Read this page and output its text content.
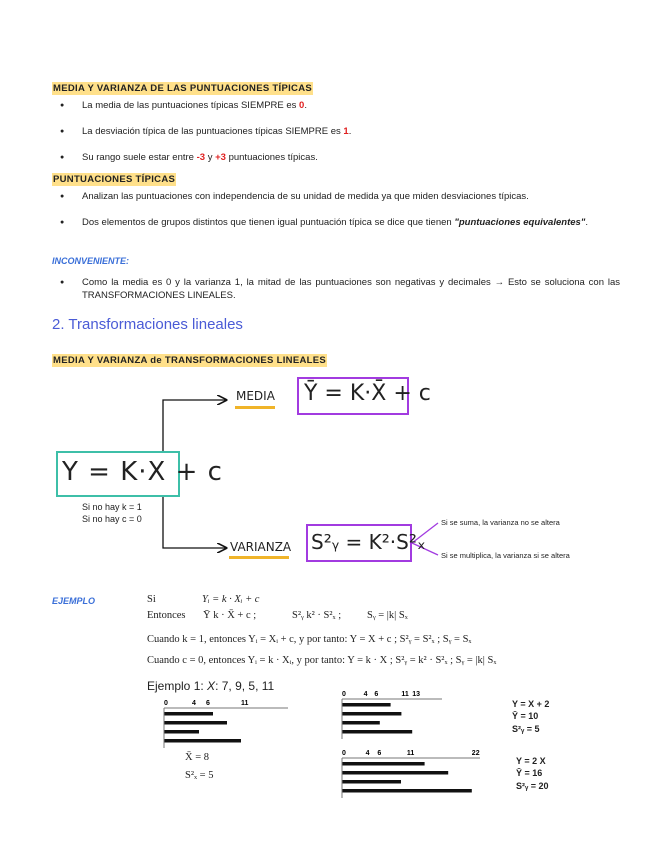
MEDIA Y VARIANZA DE LAS PUNTUACIONES TÍPICAS
● La media de las puntuaciones típicas SIEMPRE es 0.
● La desviación típica de las puntuaciones típicas SIEMPRE es 1.
● Su rango suele estar entre -3 y +3 puntuaciones típicas.
PUNTUACIONES TÍPICAS
● Analizan las puntuaciones con independencia de su unidad de medida ya que miden desviaciones típicas.
● Dos elementos de grupos distintos que tienen igual puntuación típica se dice que tienen "puntuaciones equivalentes".
INCONVENIENTE:
● Como la media es 0 y la varianza 1, la mitad de las puntuaciones son negativas y decimales → Esto se soluciona con las TRANSFORMACIONES LINEALES.
2. Transformaciones lineales
MEDIA Y VARIANZA de TRANSFORMACIONES LINEALES
Y = K·X + c
Si no hay k = 1
Si no hay c = 0
MEDIA Ȳ = K·X̄ + c
VARIANZA S²ᵧ = K²·S²ₓ
Si se suma, la varianza no se altera
Si se multiplica, la varianza si se altera
EJEMPLO	Si	Yᵢ = k · Xᵢ + c
Entonces Ȳ k · X̄ + c ;	S²ᵧ k² · S²ₓ ; Sᵧ = |k| Sₓ
Cuando k = 1, entonces Yᵢ = Xᵢ + c, y por tanto: Y = X + c ; S²ᵧ = S²ₓ ; Sᵧ = Sₓ
Cuando c = 0, entonces Yᵢ = k · Xᵢ, y por tanto: Y = k · X ; S²ᵧ = k² · S²ₓ ; Sᵧ = |k| Sₓ
Ejemplo 1: X: 7, 9, 5, 11
0	4 6	11
X̄ = 8
S²ₓ = 5
0	4 6	11 13
Y = X + 2
Ȳ = 10
S²ᵧ = 5
0	4 6	11	22
Y = 2 X
Ȳ = 16
S²ᵧ = 20
